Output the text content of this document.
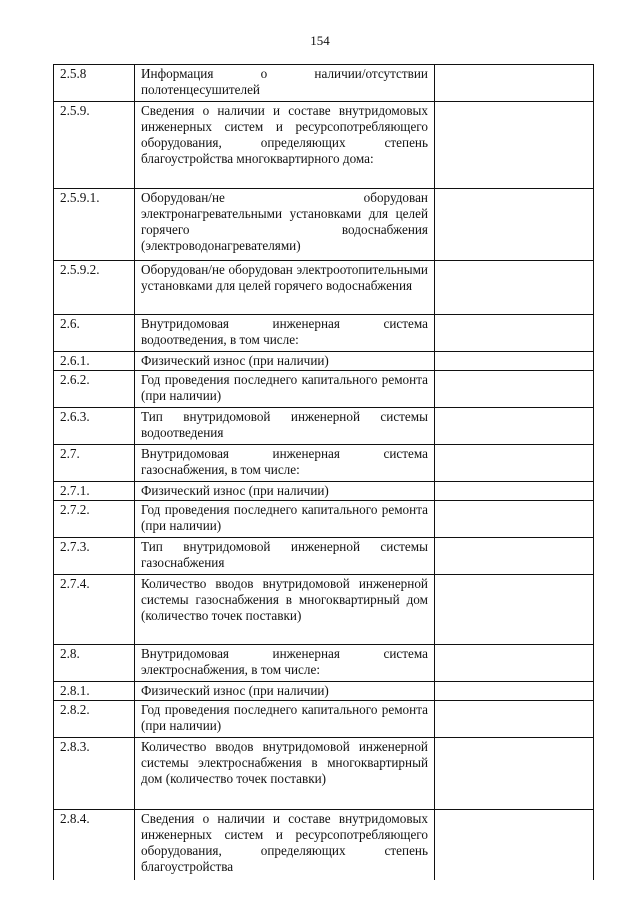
154
2.5.8	Информация о наличии/отсутствии полотенцесушителей	
2.5.9.	Сведения о наличии и составе внутридомовых инженерных систем и ресурсопотребляющего оборудования, определяющих степень благоустройства многоквартирного дома:	
2.5.9.1.	Оборудован/не оборудован электронагревательными установками для целей горячего водоснабжения (электроводонагревателями)	
2.5.9.2.	Оборудован/не оборудован электроотопительными установками для целей горячего водоснабжения	
2.6.	Внутридомовая инженерная система водоотведения, в том числе:	
2.6.1.	Физический износ (при наличии)	
2.6.2.	Год проведения последнего капитального ремонта (при наличии)	
2.6.3.	Тип внутридомовой инженерной системы водоотведения	
2.7.	Внутридомовая инженерная система газоснабжения, в том числе:	
2.7.1.	Физический износ (при наличии)	
2.7.2.	Год проведения последнего капитального ремонта (при наличии)	
2.7.3.	Тип внутридомовой инженерной системы газоснабжения	
2.7.4.	Количество вводов внутридомовой инженерной системы газоснабжения в многоквартирный дом (количество точек поставки)	
2.8.	Внутридомовая инженерная система электроснабжения, в том числе:	
2.8.1.	Физический износ (при наличии)	
2.8.2.	Год проведения последнего капитального ремонта (при наличии)	
2.8.3.	Количество вводов внутридомовой инженерной системы электроснабжения в многоквартирный дом (количество точек поставки)	
2.8.4.	Сведения о наличии и составе внутридомовых инженерных систем и ресурсопотребляющего оборудования, определяющих степень благоустройства	
